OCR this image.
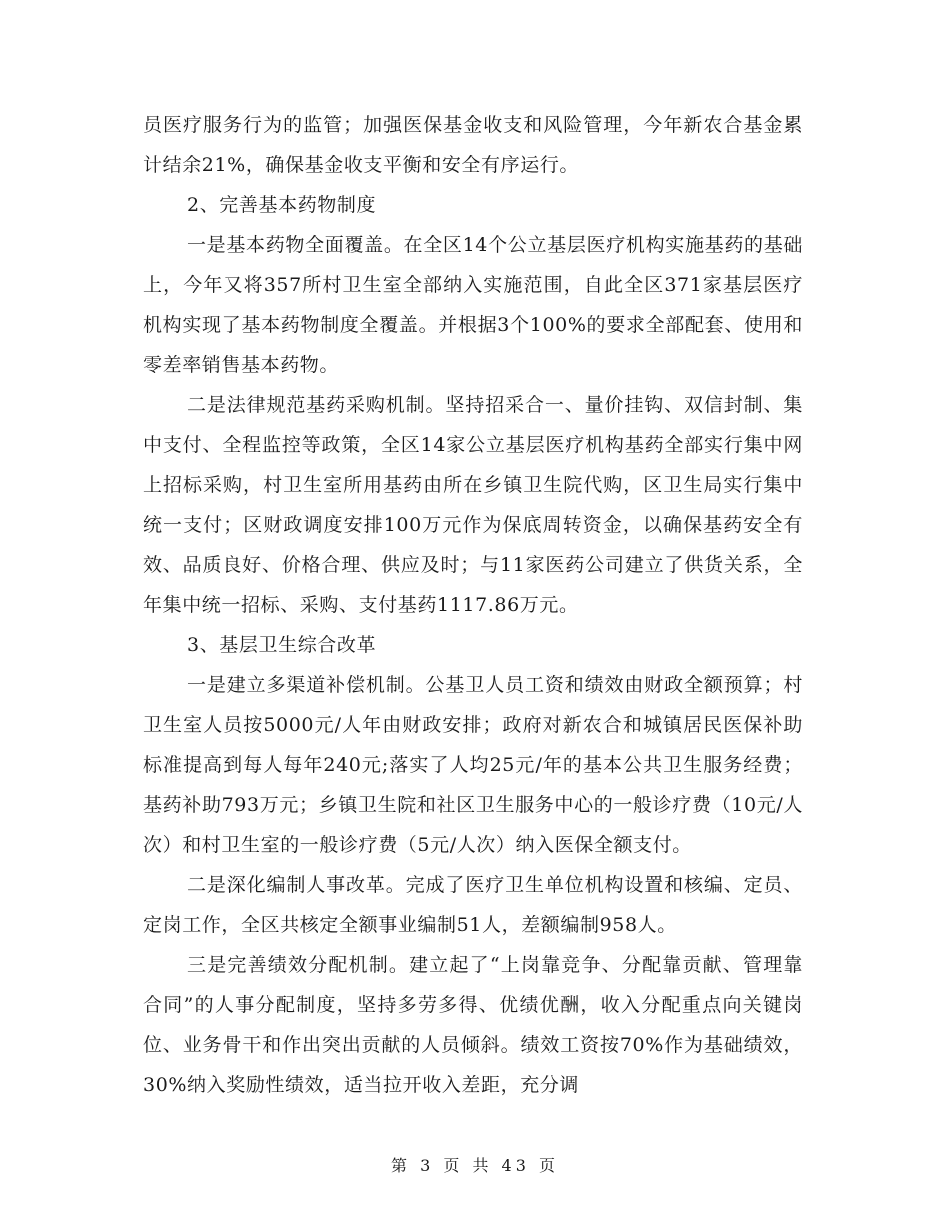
员医疗服务行为的监管；加强医保基金收支和风险管理，今年新农合基金累计结余21%，确保基金收支平衡和安全有序运行。

2、完善基本药物制度

一是基本药物全面覆盖。在全区14个公立基层医疗机构实施基药的基础上，今年又将357所村卫生室全部纳入实施范围，自此全区371家基层医疗机构实现了基本药物制度全覆盖。并根据3个100%的要求全部配套、使用和零差率销售基本药物。

二是法律规范基药采购机制。坚持招采合一、量价挂钩、双信封制、集中支付、全程监控等政策，全区14家公立基层医疗机构基药全部实行集中网上招标采购，村卫生室所用基药由所在乡镇卫生院代购，区卫生局实行集中统一支付；区财政调度安排100万元作为保底周转资金，以确保基药安全有效、品质良好、价格合理、供应及时；与11家医药公司建立了供货关系，全年集中统一招标、采购、支付基药1117.86万元。

3、基层卫生综合改革

一是建立多渠道补偿机制。公基卫人员工资和绩效由财政全额预算；村卫生室人员按5000元/人年由财政安排；政府对新农合和城镇居民医保补助标准提高到每人每年240元;落实了人均25元/年的基本公共卫生服务经费；基药补助793万元；乡镇卫生院和社区卫生服务中心的一般诊疗费（10元/人次）和村卫生室的一般诊疗费（5元/人次）纳入医保全额支付。

二是深化编制人事改革。完成了医疗卫生单位机构设置和核编、定员、定岗工作，全区共核定全额事业编制51人，差额编制958人。

三是完善绩效分配机制。建立起了“上岗靠竞争、分配靠贡献、管理靠合同”的人事分配制度，坚持多劳多得、优绩优酬，收入分配重点向关键岗位、业务骨干和作出突出贡献的人员倾斜。绩效工资按70%作为基础绩效，30%纳入奖励性绩效，适当拉开收入差距，充分调

第 3 页 共 43 页
